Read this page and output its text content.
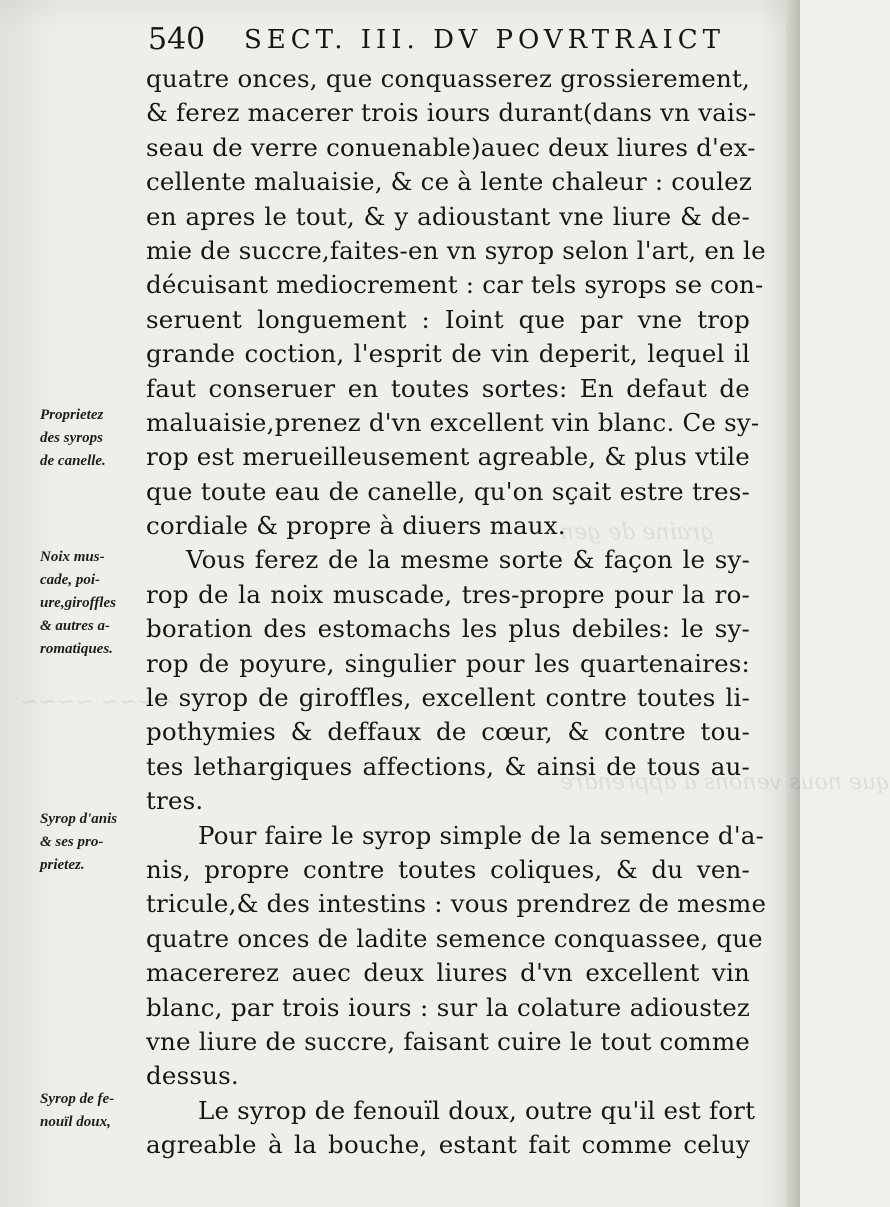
graine de gen
~~~~ ~~~~
que nous venons a apprendre
540 SECT. III. DV POVRTRAICT
quatre onces, que conquasserez grossierement,
& ferez macerer trois iours durant(dans vn vais-
seau de verre conuenable)auec deux liures d'ex-
cellente maluaisie, & ce à lente chaleur : coulez
en apres le tout, & y adioustant vne liure & de-
mie de succre,faites-en vn syrop selon l'art, en le
décuisant mediocrement : car tels syrops se con-
seruent longuement : Ioint que par vne trop
grande coction, l'esprit de vin deperit, lequel il
faut conseruer en toutes sortes: En defaut de
maluaisie,prenez d'vn excellent vin blanc. Ce sy-
rop est merueilleusement agreable, & plus vtile
que toute eau de canelle, qu'on sçait estre tres-
cordiale & propre à diuers maux.
Vous ferez de la mesme sorte & façon le sy-
rop de la noix muscade, tres-propre pour la ro-
boration des estomachs les plus debiles: le sy-
rop de poyure, singulier pour les quartenaires:
le syrop de giroffles, excellent contre toutes li-
pothymies & deffaux de cœur, & contre tou-
tes lethargiques affections, & ainsi de tous au-
tres.
Pour faire le syrop simple de la semence d'a-
nis, propre contre toutes coliques, & du ven-
tricule,& des intestins : vous prendrez de mesme
quatre onces de ladite semence conquassee, que
macererez auec deux liures d'vn excellent vin
blanc, par trois iours : sur la colature adioustez
vne liure de succre, faisant cuire le tout comme
dessus.
Le syrop de fenouïl doux, outre qu'il est fort
agreable à la bouche, estant fait comme celuy
Proprietez
des syrops
de canelle.
Noix mus-
cade, poi-
ure,giroffles
& autres a-
romatiques.
Syrop d'anis
& ses pro-
prietez.
Syrop de fe-
nouïl doux,
